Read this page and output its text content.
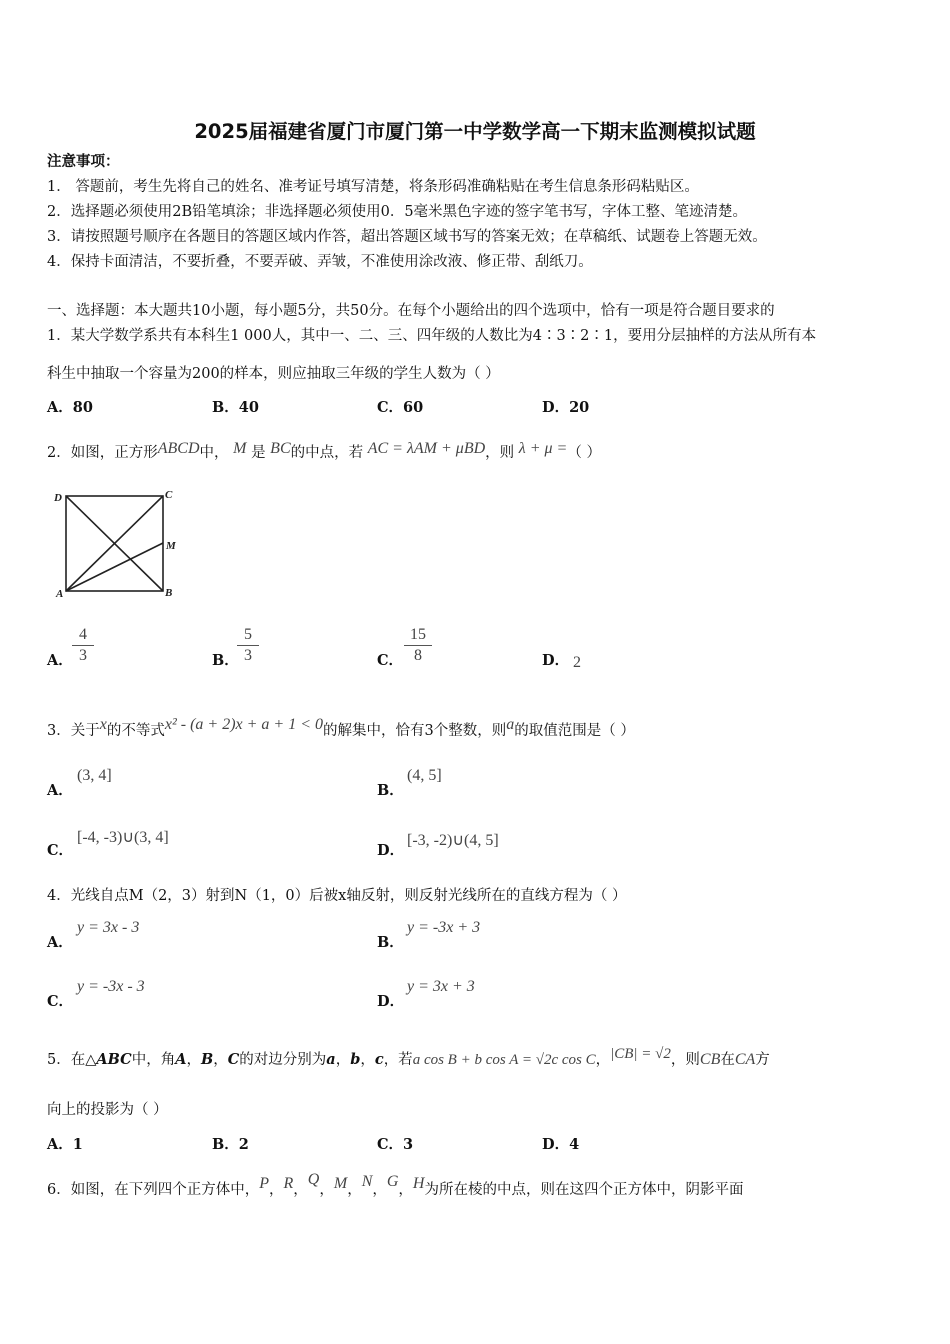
2025届福建省厦门市厦门第一中学数学高一下期末监测模拟试题
注意事项：
1． 答题前，考生先将自己的姓名、准考证号填写清楚，将条形码准确粘贴在考生信息条形码粘贴区。
2．选择题必须使用2B铅笔填涂；非选择题必须使用0．5毫米黑色字迹的签字笔书写，字体工整、笔迹清楚。
3．请按照题号顺序在各题目的答题区域内作答，超出答题区域书写的答案无效；在草稿纸、试题卷上答题无效。
4．保持卡面清洁，不要折叠，不要弄破、弄皱，不准使用涂改液、修正带、刮纸刀。
一、选择题：本大题共10小题，每小题5分，共50分。在每个小题给出的四个选项中，恰有一项是符合题目要求的
1．某大学数学系共有本科生1 000人，其中一、二、三、四年级的人数比为4∶3∶2∶1，要用分层抽样的方法从所有本
科生中抽取一个容量为200的样本，则应抽取三年级的学生人数为（ ）
A．80	B．40	C．60	D．20
2．如图，正方形ABCD中， M 是 BC的中点，若 AC = λAM + μBD，则 λ + μ =（ ）
D	C
M
A	B
A．
4
3	B．
5
3	C．
15
8	D． 2
3．关于x的不等式x² - (a + 2)x + a + 1 < 0的解集中，恰有3个整数，则a的取值范围是（ ）
A．
(3, 4]
B．
(4, 5]
C．
[-4, -3)∪(3, 4]
D．
[-3, -2)∪(4, 5]
4．光线自点M（2，3）射到N（1，0）后被x轴反射，则反射光线所在的直线方程为（ ）
A．
y = 3x - 3
B．
y = -3x + 3
C．
y = -3x - 3
D．
y = 3x + 3
5．在△ABC中，角A，B，C的对边分别为a，b，c，若a cos B + b cos A = √2c cos C，|CB| = √2，则CB在CA方
向上的投影为（ ）
A．1	B．2	C．3	D．4
6．如图，在下列四个正方体中，P，R，Q，M，N，G，H为所在棱的中点，则在这四个正方体中，阴影平面
